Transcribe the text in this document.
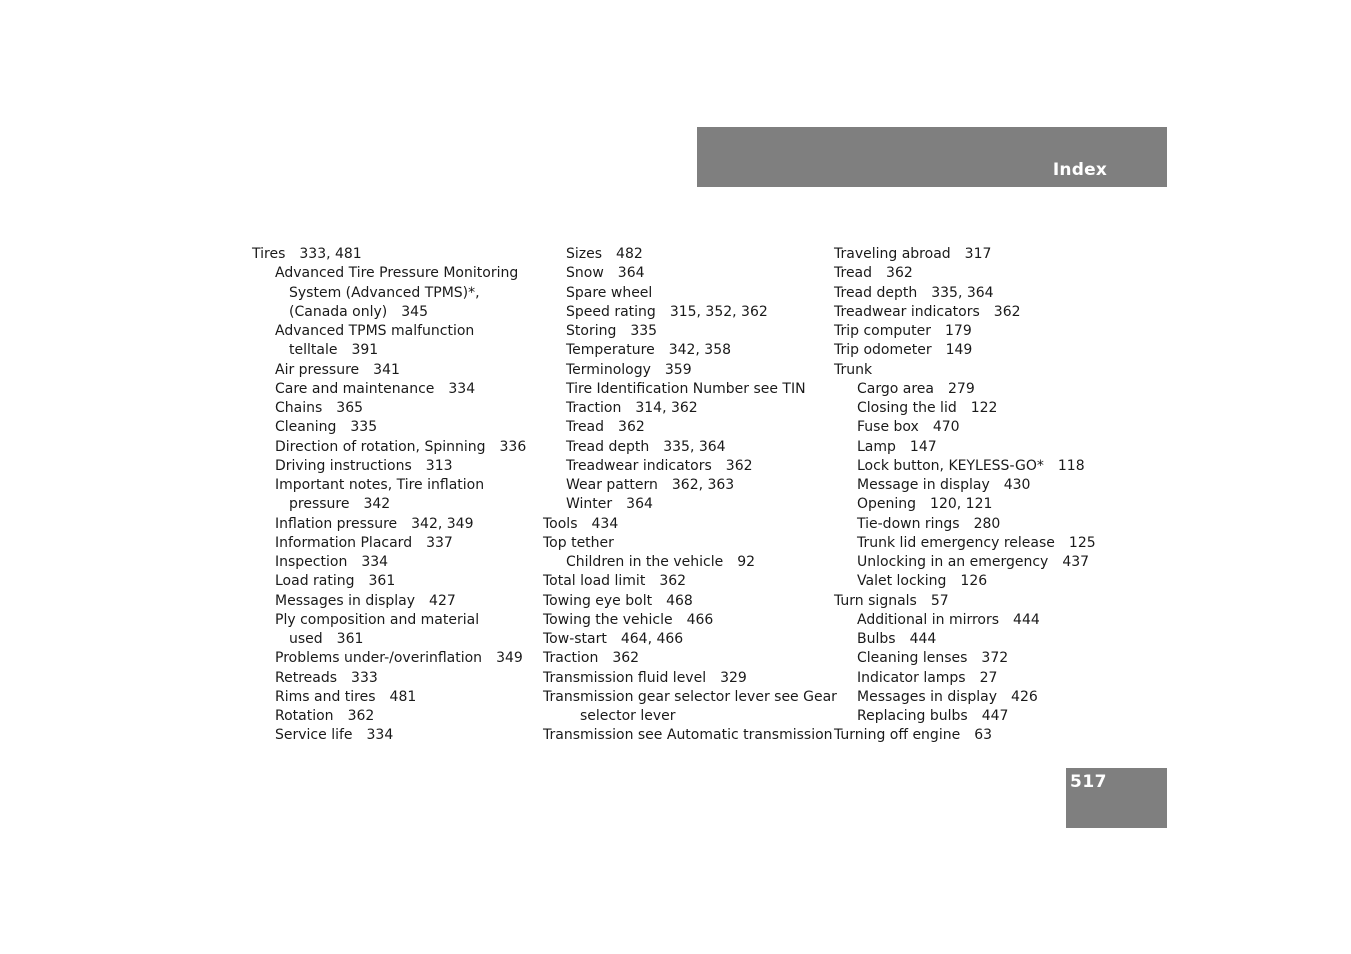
Index
Tires 333, 481
Advanced Tire Pressure Monitoring
System (Advanced TPMS)*,
(Canada only) 345
Advanced TPMS malfunction
telltale 391
Air pressure 341
Care and maintenance 334
Chains 365
Cleaning 335
Direction of rotation, Spinning 336
Driving instructions 313
Important notes, Tire inflation
pressure 342
Inflation pressure 342, 349
Information Placard 337
Inspection 334
Load rating 361
Messages in display 427
Ply composition and material
used 361
Problems under-/overinflation 349
Retreads 333
Rims and tires 481
Rotation 362
Service life 334
Sizes 482
Snow 364
Spare wheel
Speed rating 315, 352, 362
Storing 335
Temperature 342, 358
Terminology 359
Tire Identification Number see TIN
Traction 314, 362
Tread 362
Tread depth 335, 364
Treadwear indicators 362
Wear pattern 362, 363
Winter 364
Tools 434
Top tether
Children in the vehicle 92
Total load limit 362
Towing eye bolt 468
Towing the vehicle 466
Tow-start 464, 466
Traction 362
Transmission fluid level 329
Transmission gear selector lever see Gear
selector lever
Transmission see Automatic transmission
Traveling abroad 317
Tread 362
Tread depth 335, 364
Treadwear indicators 362
Trip computer 179
Trip odometer 149
Trunk
Cargo area 279
Closing the lid 122
Fuse box 470
Lamp 147
Lock button, KEYLESS-GO* 118
Message in display 430
Opening 120, 121
Tie-down rings 280
Trunk lid emergency release 125
Unlocking in an emergency 437
Valet locking 126
Turn signals 57
Additional in mirrors 444
Bulbs 444
Cleaning lenses 372
Indicator lamps 27
Messages in display 426
Replacing bulbs 447
Turning off engine 63
517
